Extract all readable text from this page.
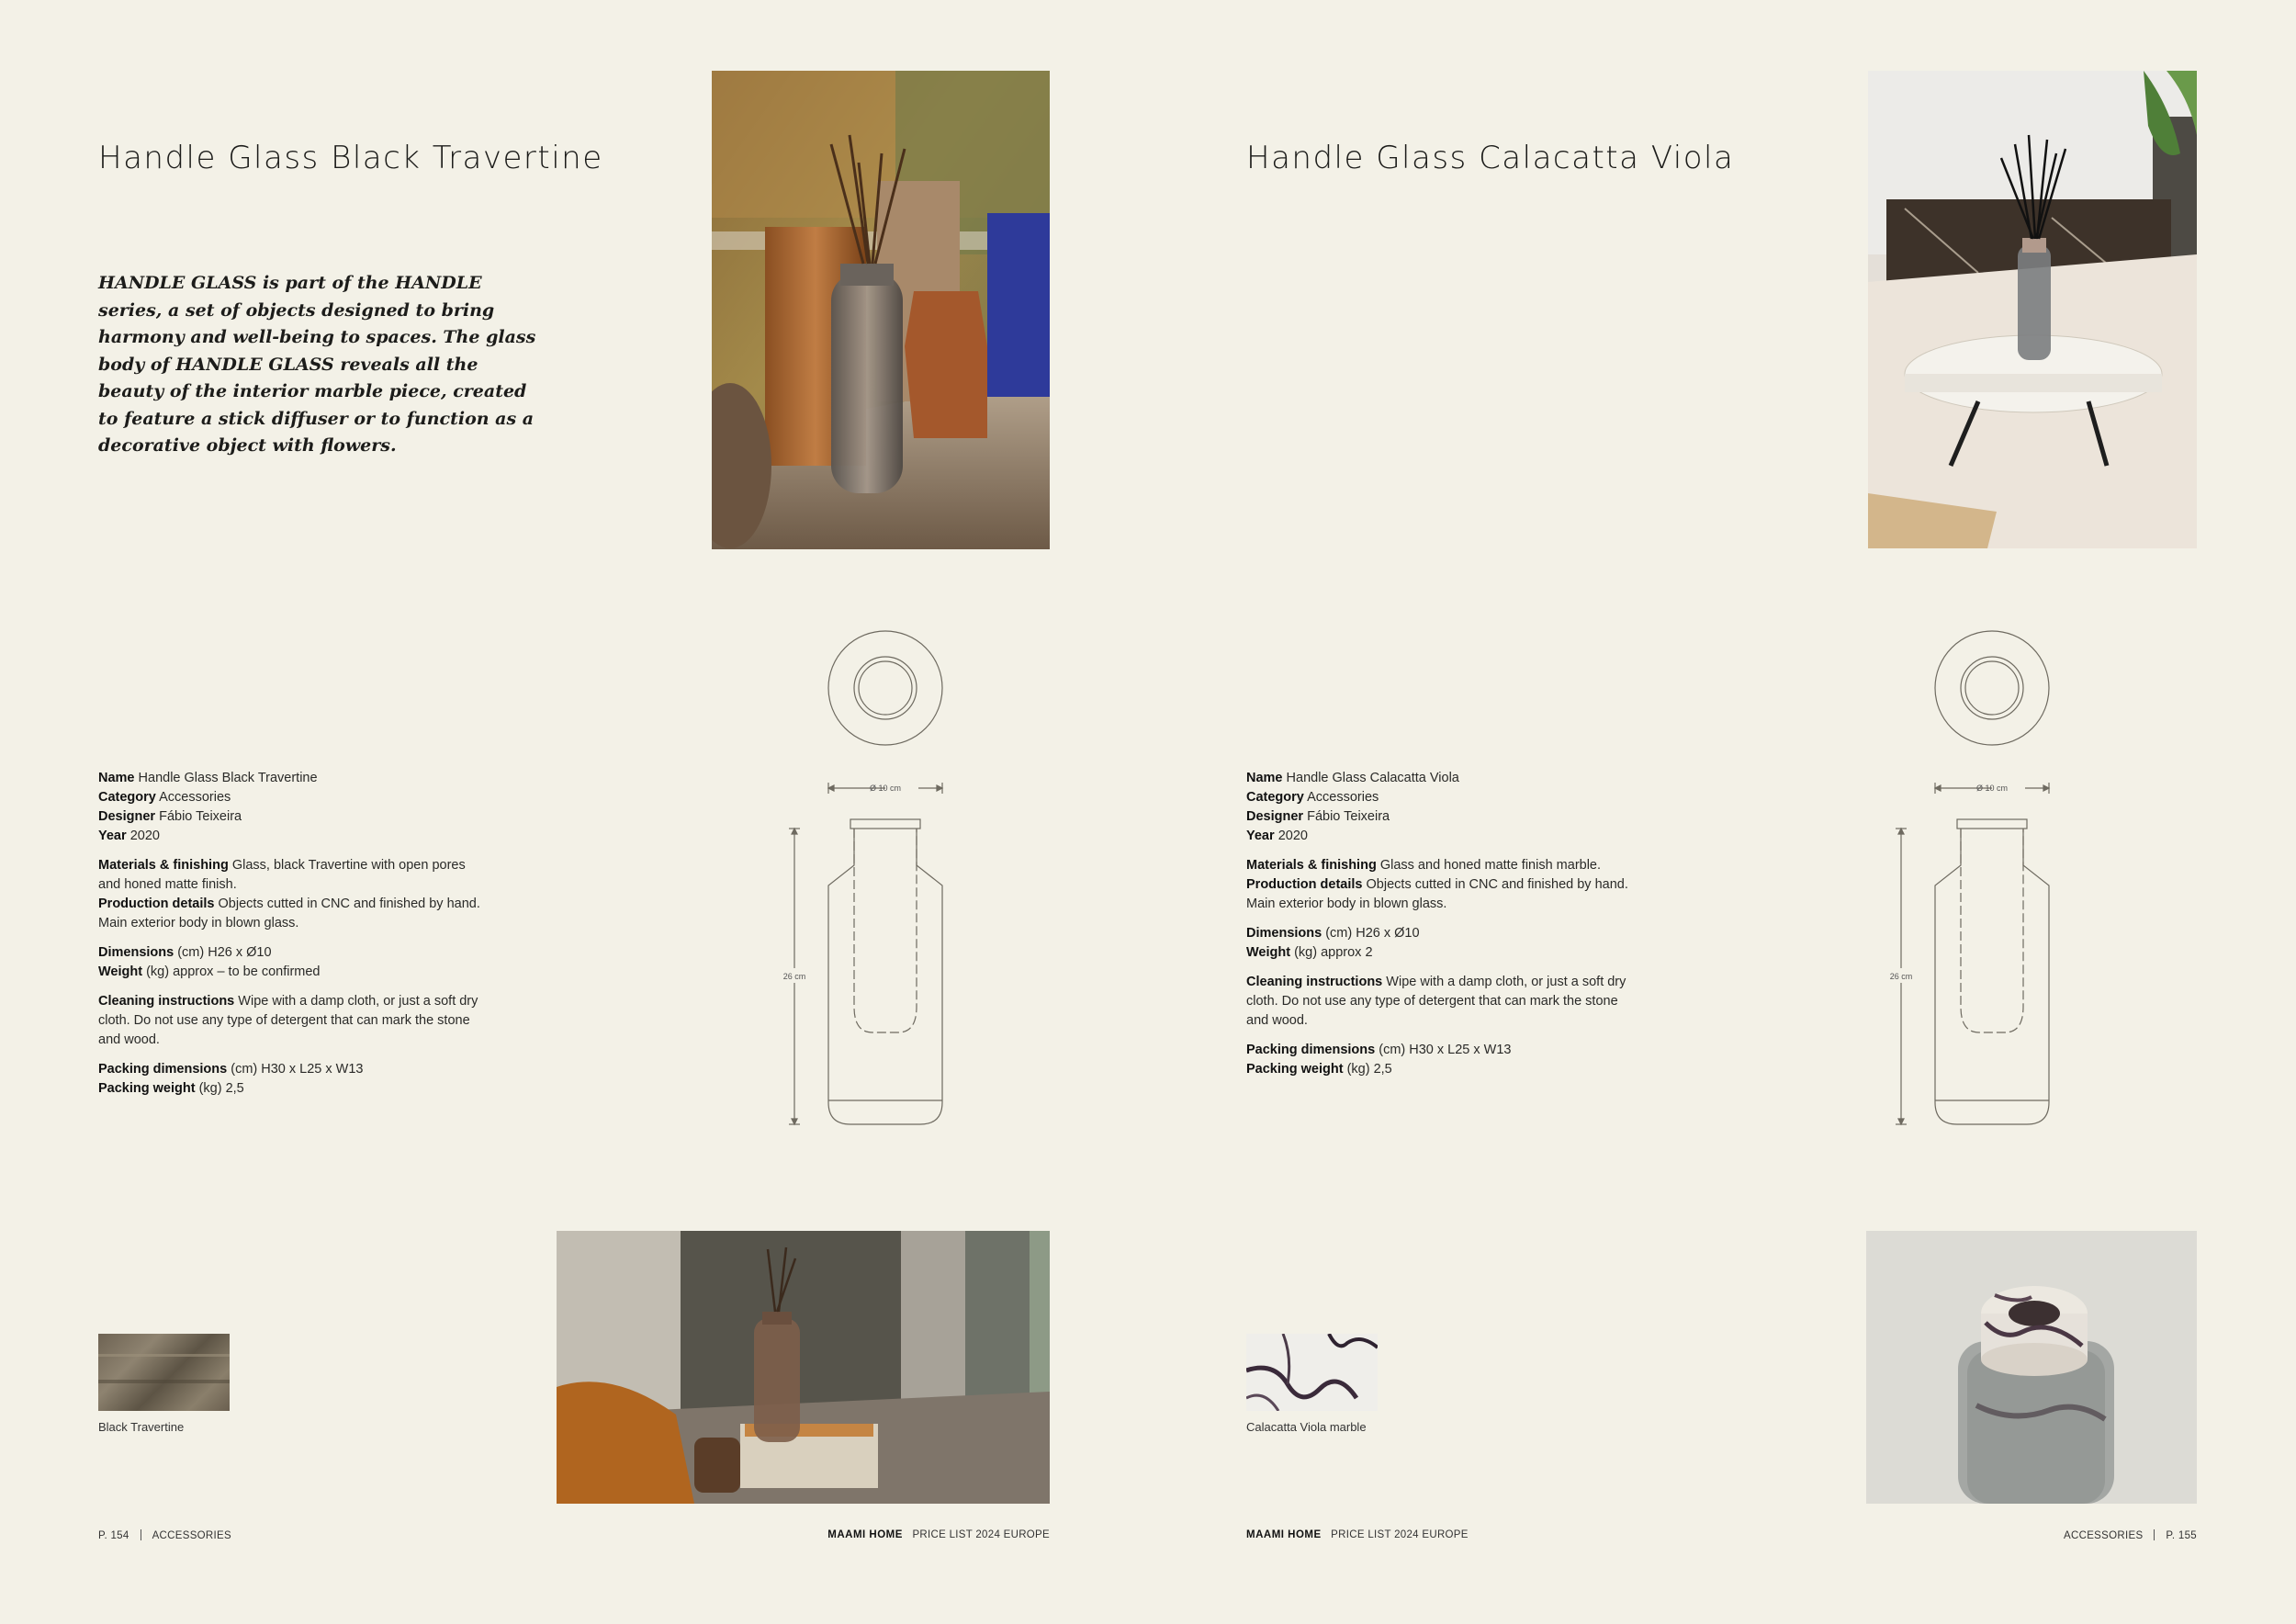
Handle Glass Black Travertine
HANDLE GLASS is part of the HANDLE series, a set of objects designed to bring harmony and well-being to spaces. The glass body of HANDLE GLASS reveals all the beauty of the interior marble piece, created to feature a stick diffuser or to function as a decorative object with flowers.

Name Handle Glass Black Travertine
Category Accessories
Designer Fábio Teixeira
Year 2020

Materials & finishing Glass, black Travertine with open pores
and honed matte finish.
Production details Objects cutted in CNC and finished by hand.
Main exterior body in blown glass.

Dimensions (cm) H26 x Ø10
Weight (kg) approx – to be confirmed

Cleaning instructions Wipe with a damp cloth, or just a soft dry
cloth. Do not use any type of detergent that can mark the stone
and wood.

Packing dimensions (cm) H30 x L25 x W13
Packing weight (kg) 2,5

Ø 10 cm
26 cm
Black Travertine
P. 154 ACCESSORIES	MAAMI HOME PRICE LIST 2024 EUROPE
Handle Glass Calacatta Viola

Name Handle Glass Calacatta Viola
Category Accessories
Designer Fábio Teixeira
Year 2020

Materials & finishing Glass and honed matte finish marble.
Production details Objects cutted in CNC and finished by hand.
Main exterior body in blown glass.

Dimensions (cm) H26 x Ø10
Weight (kg) approx 2

Cleaning instructions Wipe with a damp cloth, or just a soft dry
cloth. Do not use any type of detergent that can mark the stone
and wood.

Packing dimensions (cm) H30 x L25 x W13
Packing weight (kg) 2,5

Ø 10 cm
26 cm
Calacatta Viola marble
MAAMI HOME PRICE LIST 2024 EUROPE	ACCESSORIES P. 155
